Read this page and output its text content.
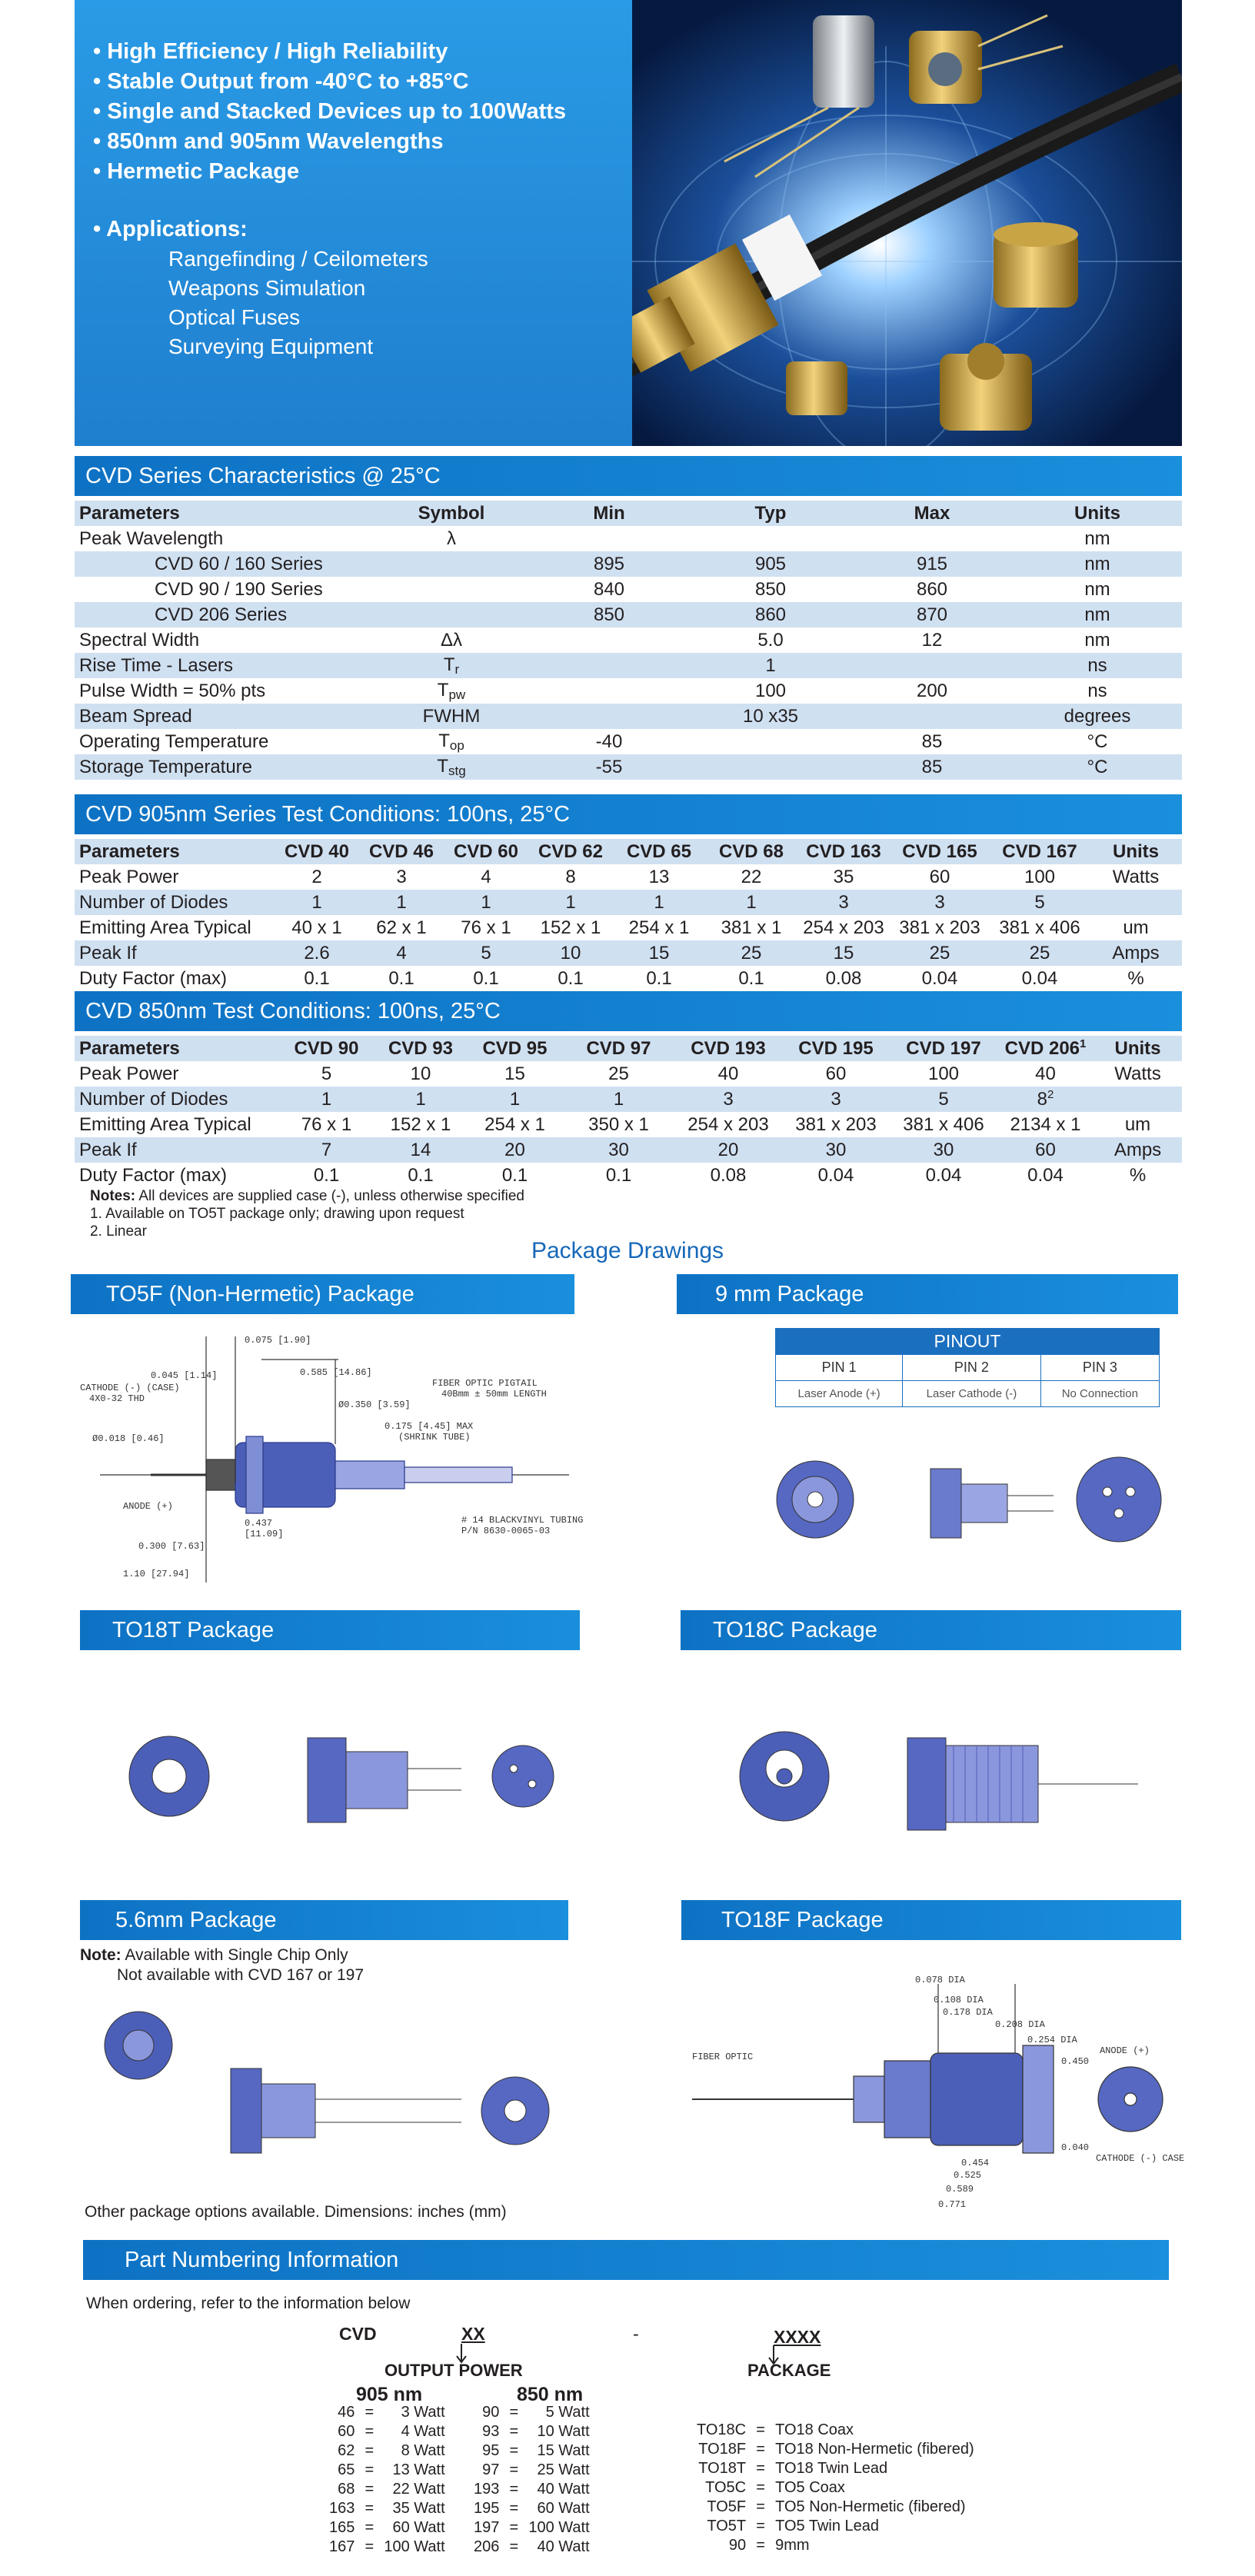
• High Efficiency / High Reliability
• Stable Output from -40°C to +85°C
• Single and Stacked Devices up to 100Watts
• 850nm and 905nm Wavelengths
• Hermetic Package
• Applications:
Rangefinding / Ceilometers
Weapons Simulation
Optical Fuses
Surveying Equipment
CVD Series Characteristics @ 25°C
Parameters	Symbol	Min	Typ	Max	Units
Peak Wavelength	λ				nm
CVD 60 / 160 Series		895	905	915	nm
CVD 90 / 190 Series		840	850	860	nm
CVD 206 Series		850	860	870	nm
Spectral Width	Δλ		5.0	12	nm
Rise Time - Lasers	$T_r$		1		ns
Pulse Width = 50% pts	$T_{pw}$		100	200	ns
Beam Spread	FWHM		10 x35		degrees
Operating Temperature	$T_{op}$	-40		85	°C
Storage Temperature	$T_{stg}$	-55		85	°C
CVD 905nm Series Test Conditions: 100ns, 25°C
Parameters	CVD 40	CVD 46	CVD 60	CVD 62	CVD 65	CVD 68	CVD 163	CVD 165	CVD 167	Units
Peak Power	2	3	4	8	13	22	35	60	100	Watts
Number of Diodes	1	1	1	1	1	1	3	3	5	
Emitting Area Typical	40 x 1	62 x 1	76 x 1	152 x 1	254 x 1	381 x 1	254 x 203	381 x 203	381 x 406	um
Peak If	2.6	4	5	10	15	25	15	25	25	Amps
Duty Factor (max)	0.1	0.1	0.1	0.1	0.1	0.1	0.08	0.04	0.04	%
CVD 850nm Test Conditions: 100ns, 25°C
Parameters	CVD 90	CVD 93	CVD 95	CVD 97	CVD 193	CVD 195	CVD 197	CVD $206^1$	Units
Peak Power	5	10	15	25	40	60	100	40	Watts
Number of Diodes	1	1	1	1	3	3	5	$8^2$	
Emitting Area Typical	76 x 1	152 x 1	254 x 1	350 x 1	254 x 203	381 x 203	381 x 406	2134 x 1	um
Peak If	7	14	20	30	20	30	30	60	Amps
Duty Factor (max)	0.1	0.1	0.1	0.1	0.08	0.04	0.04	0.04	%
Notes: All devices are supplied case (-), unless otherwise specified
1. Available on TO5T package only; drawing upon request
2. Linear
Package Drawings
TO5F (Non-Hermetic) Package	9 mm Package
TO18T Package	TO18C Package
5.6mm Package	TO18F Package
0.075 [1.90]
0.045 [1.14]	0.585 [14.86]
CATHODE (-) (CASE)
4X0-32 THD
Ø0.350 [3.59]
FIBER OPTIC PIGTAIL
40Bmm ± 50mm LENGTH
0.175 [4.45] MAX
(SHRINK TUBE)
Ø0.018 [0.46]
ANODE (+)
0.437
[11.09]
# 14 BLACKVINYL TUBING
P/N 8630-0065-03
0.300 [7.63]
1.10 [27.94]
PINOUT		
PIN 1	PIN 2	PIN 3
Laser Anode (+)	Laser Cathode (-)	No Connection
Note: Available with Single Chip Only
Not available with CVD 167 or 197	0.078 DIA
0.108 DIA
0.178 DIA
0.208 DIA
0.254 DIA
FIBER OPTIC	0.450
ANODE (+)
0.040
0.454
0.525
0.589
0.771
CATHODE (-) CASE
Other package options available. Dimensions: inches (mm)
Part Numbering Information
When ordering, refer to the information below
CVD	XX	-	XXXX
OUTPUT POWER	PACKAGE
905 nm	850 nm
46	=	3 Watt
60	=	4 Watt
62	=	8 Watt
65	=	13 Watt
68	=	22 Watt
163	=	35 Watt
165	=	60 Watt
167	=	100 Watt
90	=	5 Watt
93	=	10 Watt
95	=	15 Watt
97	=	25 Watt
193	=	40 Watt
195	=	60 Watt
197	=	100 Watt
206	=	40 Watt
TO18C	=	TO18 Coax
TO18F	=	TO18 Non-Hermetic (fibered)
TO18T	=	TO18 Twin Lead
TO5C	=	TO5 Coax
TO5F	=	TO5 Non-Hermetic (fibered)
TO5T	=	TO5 Twin Lead
90	=	9mm
